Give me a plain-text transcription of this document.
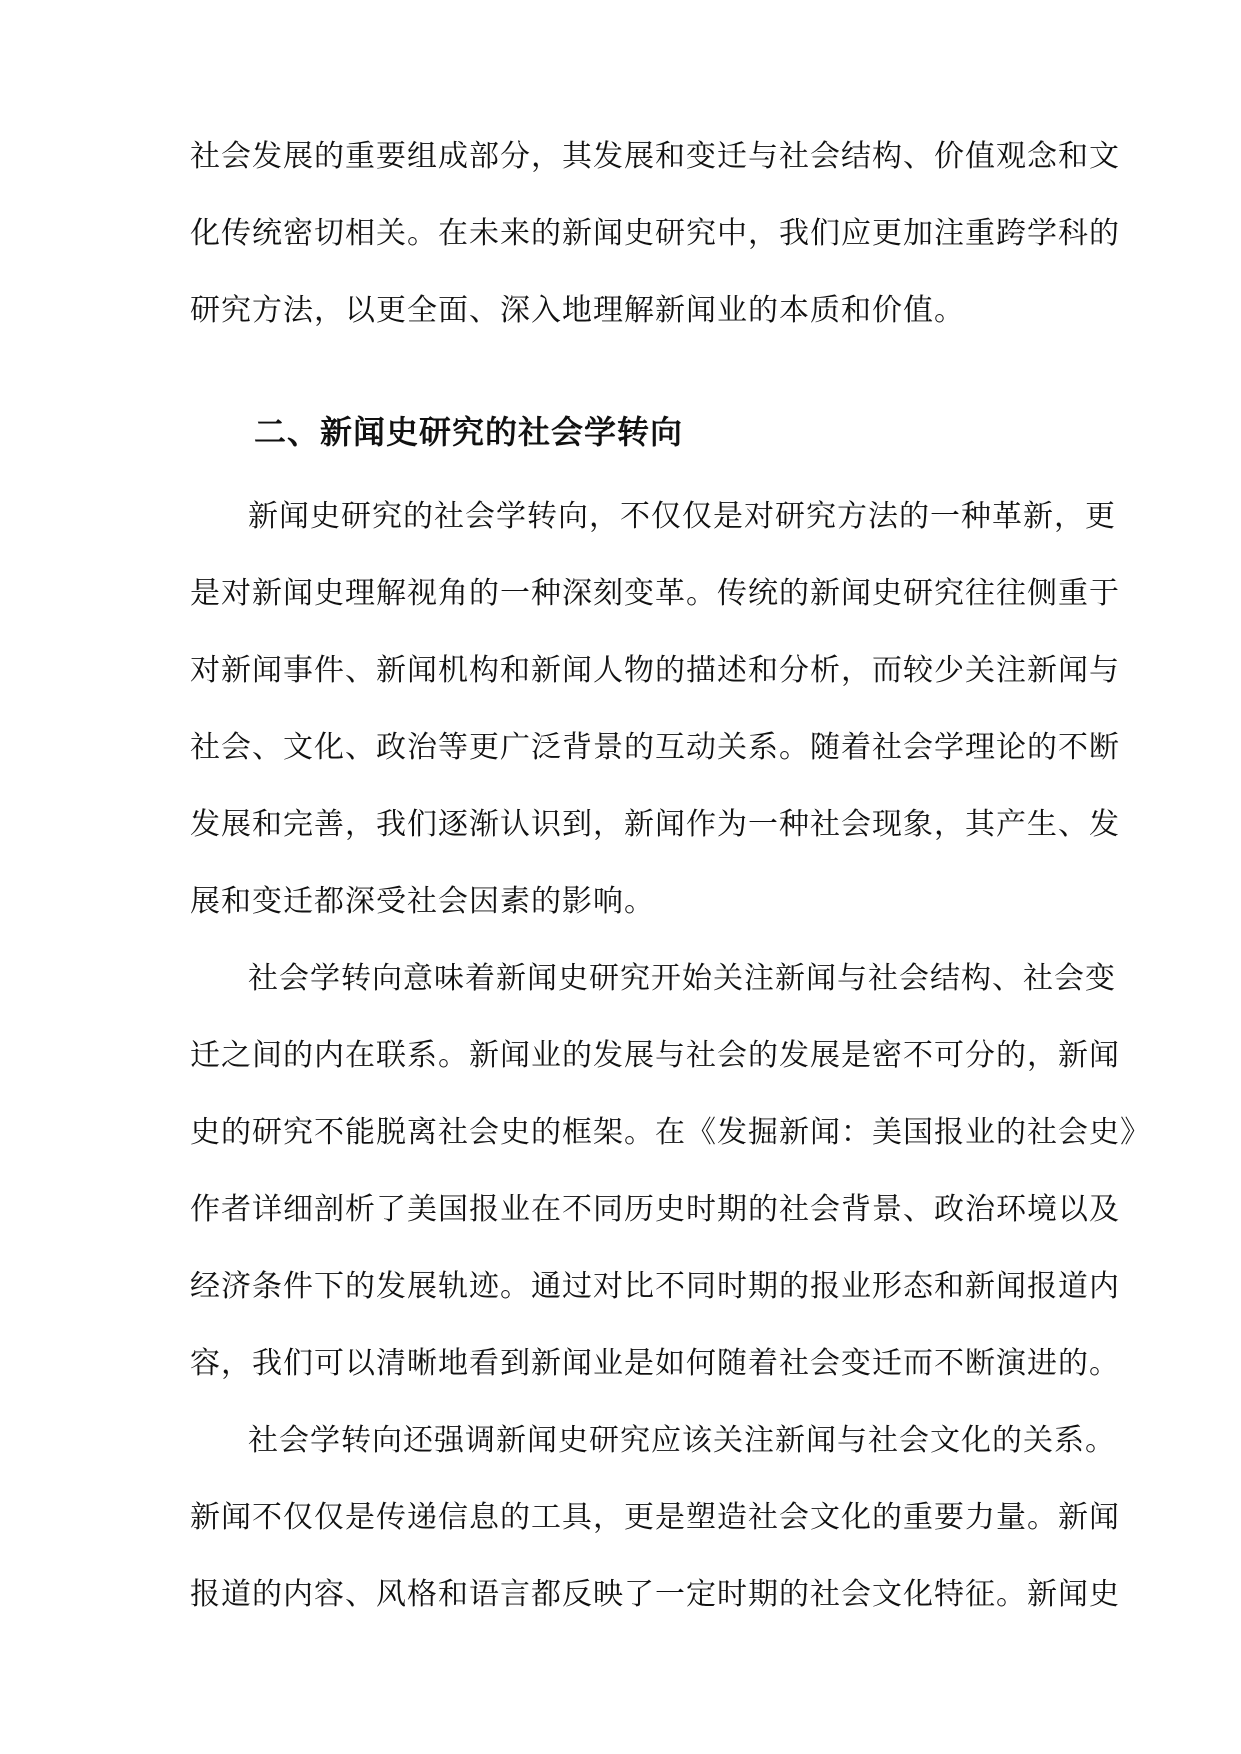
社会发展的重要组成部分，其发展和变迁与社会结构、价值观念和文
化传统密切相关。在未来的新闻史研究中，我们应更加注重跨学科的
研究方法，以更全面、深入地理解新闻业的本质和价值。
二、新闻史研究的社会学转向
新闻史研究的社会学转向，不仅仅是对研究方法的一种革新，更
是对新闻史理解视角的一种深刻变革。传统的新闻史研究往往侧重于
对新闻事件、新闻机构和新闻人物的描述和分析，而较少关注新闻与
社会、文化、政治等更广泛背景的互动关系。随着社会学理论的不断
发展和完善，我们逐渐认识到，新闻作为一种社会现象，其产生、发
展和变迁都深受社会因素的影响。
社会学转向意味着新闻史研究开始关注新闻与社会结构、社会变
迁之间的内在联系。新闻业的发展与社会的发展是密不可分的，新闻
史的研究不能脱离社会史的框架。在《发掘新闻：美国报业的社会史》
作者详细剖析了美国报业在不同历史时期的社会背景、政治环境以及
经济条件下的发展轨迹。通过对比不同时期的报业形态和新闻报道内
容，我们可以清晰地看到新闻业是如何随着社会变迁而不断演进的。
社会学转向还强调新闻史研究应该关注新闻与社会文化的关系。
新闻不仅仅是传递信息的工具，更是塑造社会文化的重要力量。新闻
报道的内容、风格和语言都反映了一定时期的社会文化特征。新闻史
